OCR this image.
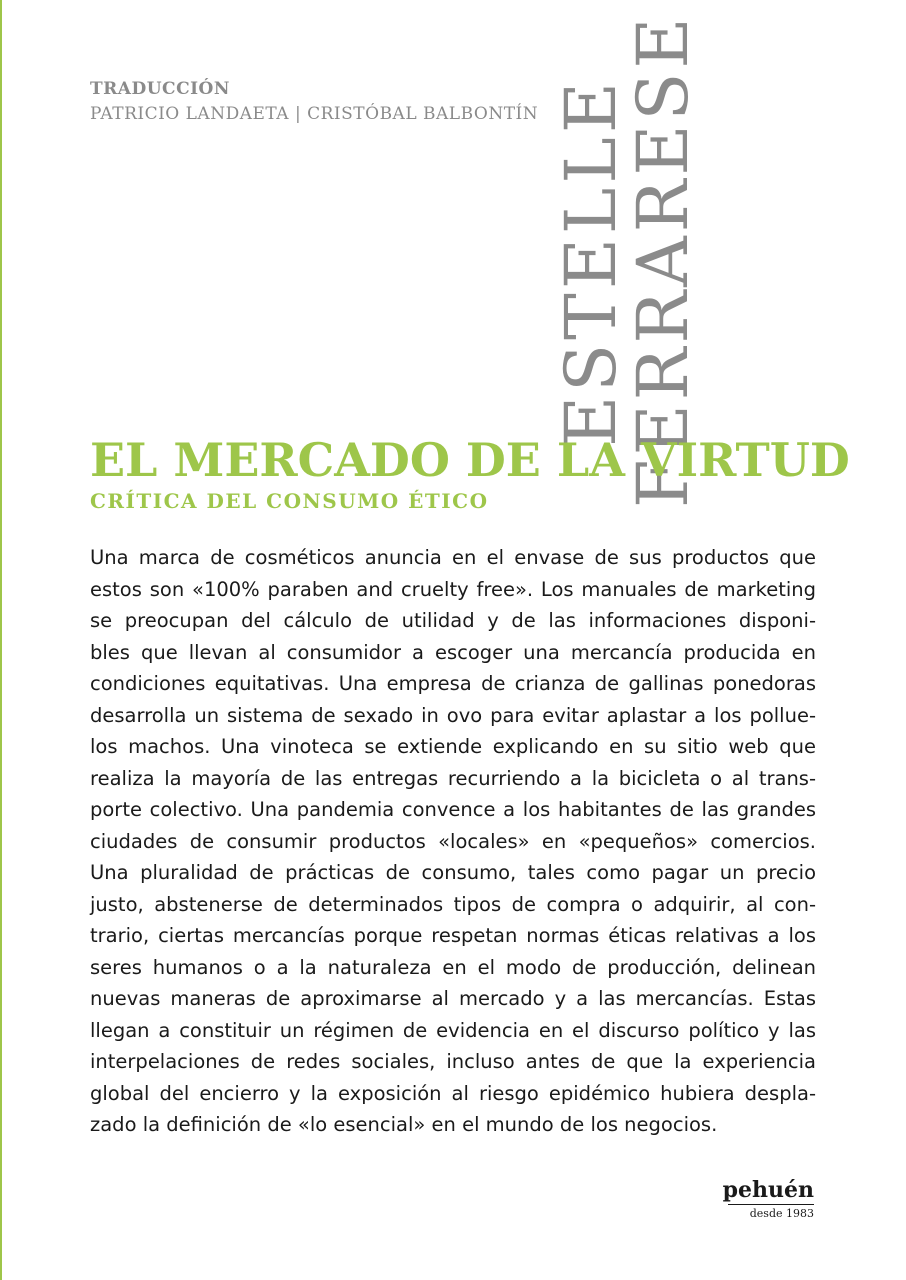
TRADUCCIÓN
PATRICIO LANDAETA | CRISTÓBAL BALBONTÍN ESTELLE
FERRARESE
EL MERCADO DE LA VIRTUD
CRÍTICA DEL CONSUMO ÉTICO
Una marca de cosméticos anuncia en el envase de sus productos que
estos son «100% paraben and cruelty free». Los manuales de marketing
se preocupan del cálculo de utilidad y de las informaciones disponi-
bles que llevan al consumidor a escoger una mercancía producida en
condiciones equitativas. Una empresa de crianza de gallinas ponedoras
desarrolla un sistema de sexado in ovo para evitar aplastar a los pollue-
los machos. Una vinoteca se extiende explicando en su sitio web que
realiza la mayoría de las entregas recurriendo a la bicicleta o al trans-
porte colectivo. Una pandemia convence a los habitantes de las grandes
ciudades de consumir productos «locales» en «pequeños» comercios.
Una pluralidad de prácticas de consumo, tales como pagar un precio
justo, abstenerse de determinados tipos de compra o adquirir, al con-
trario, ciertas mercancías porque respetan normas éticas relativas a los
seres humanos o a la naturaleza en el modo de producción, delinean
nuevas maneras de aproximarse al mercado y a las mercancías. Estas
llegan a constituir un régimen de evidencia en el discurso político y las
interpelaciones de redes sociales, incluso antes de que la experiencia
global del encierro y la exposición al riesgo epidémico hubiera despla-
zado la definición de «lo esencial» en el mundo de los negocios.
pehuén
desde 1983
